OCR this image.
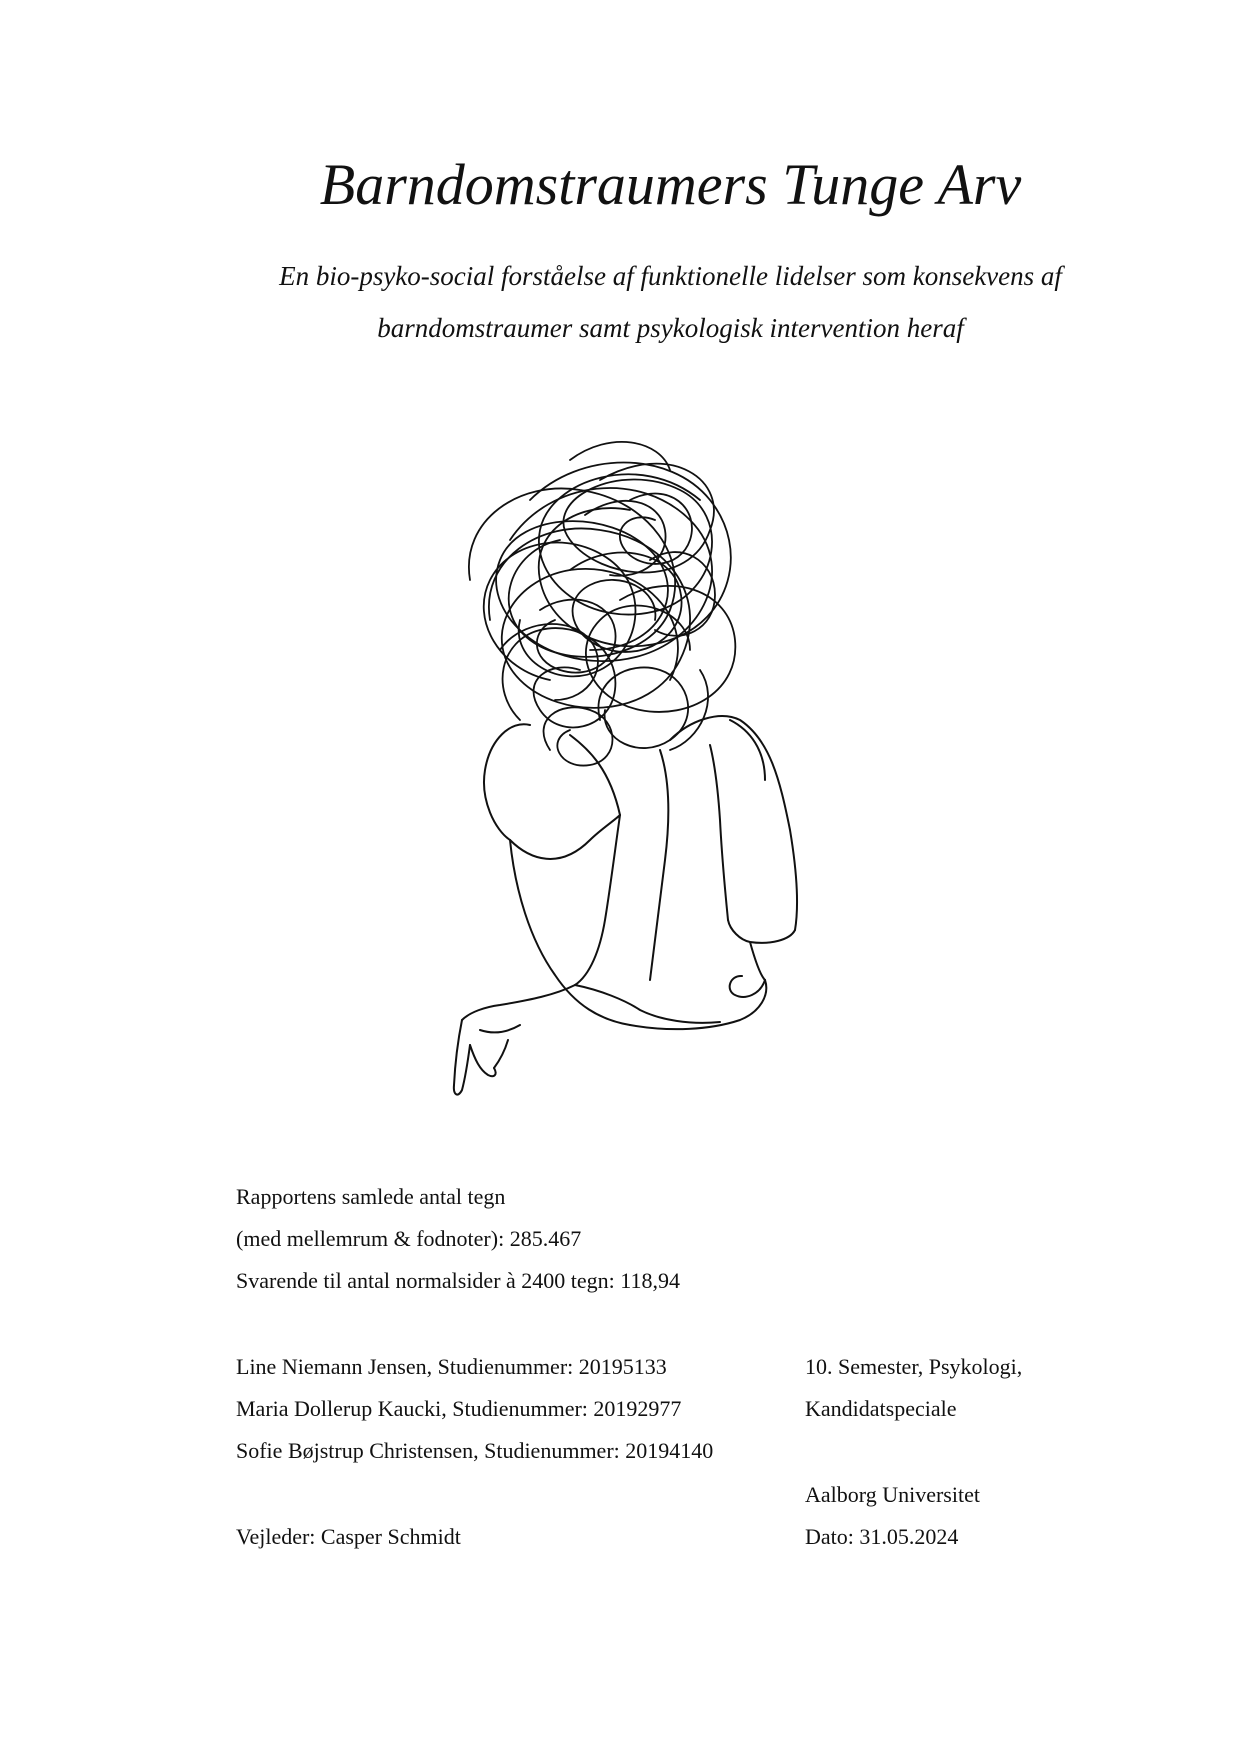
Barndomstraumers Tunge Arv
En bio-psyko-social forståelse af funktionelle lidelser som konsekvens af
barndomstraumer samt psykologisk intervention heraf
Rapportens samlede antal tegn
(med mellemrum & fodnoter): 285.467
Svarende til antal normalsider à 2400 tegn: 118,94
Line Niemann Jensen, Studienummer: 20195133
Maria Dollerup Kaucki, Studienummer: 20192977
Sofie Bøjstrup Christensen, Studienummer: 20194140
Vejleder: Casper Schmidt
10. Semester, Psykologi,
Kandidatspeciale
Aalborg Universitet
Dato: 31.05.2024
